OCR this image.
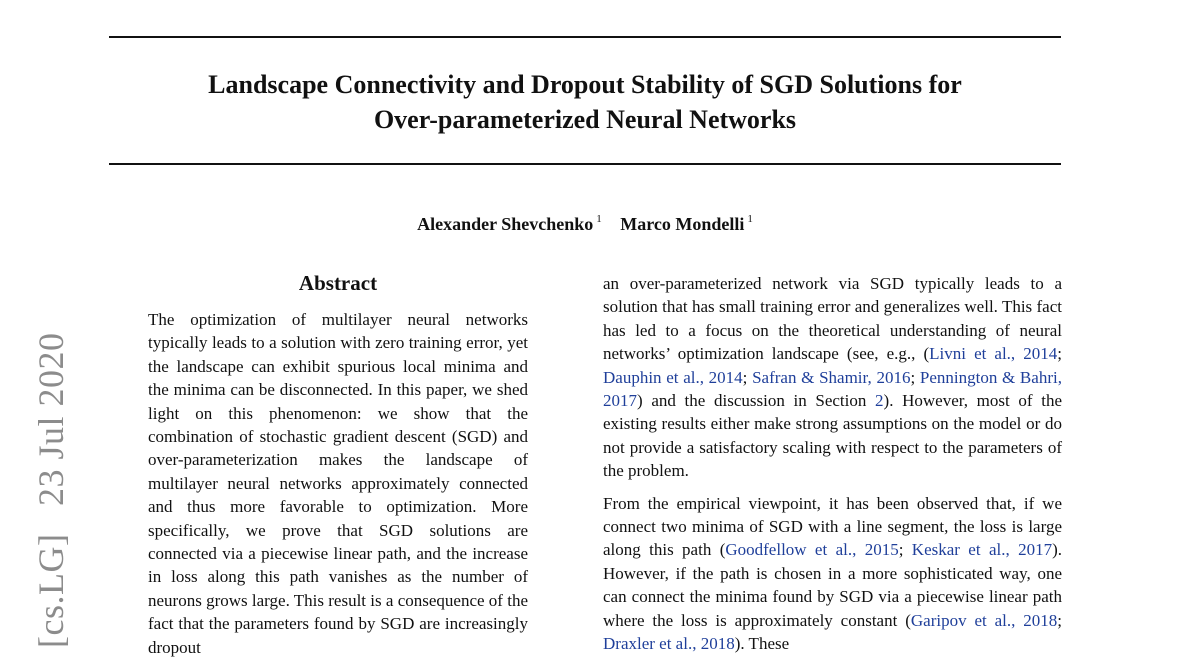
[cs.LG] 23 Jul 2020
Landscape Connectivity and Dropout Stability of SGD Solutions for
Over-parameterized Neural Networks
Alexander Shevchenko $^1$ Marco Mondelli $^1$
Abstract

The optimization of multilayer neural networks typically leads to a solution with zero training error, yet the landscape can exhibit spurious local minima and the minima can be disconnected. In this paper, we shed light on this phenomenon: we show that the combination of stochastic gradient descent (SGD) and over-parameterization makes the landscape of multilayer neural networks approximately connected and thus more favorable to optimization. More specifically, we prove that SGD solutions are connected via a piecewise linear path, and the increase in loss along this path vanishes as the number of neurons grows large. This result is a consequence of the fact that the parameters found by SGD are increasingly dropout

an over-parameterized network via SGD typically leads to a solution that has small training error and generalizes well. This fact has led to a focus on the theoretical understanding of neural networks’ optimization landscape (see, e.g., (Livni et al., 2014; Dauphin et al., 2014; Safran & Shamir, 2016; Pennington & Bahri, 2017) and the discussion in Section 2). However, most of the existing results either make strong assumptions on the model or do not provide a satisfactory scaling with respect to the parameters of the problem.

From the empirical viewpoint, it has been observed that, if we connect two minima of SGD with a line segment, the loss is large along this path (Goodfellow et al., 2015; Keskar et al., 2017). However, if the path is chosen in a more sophisticated way, one can connect the minima found by SGD via a piecewise linear path where the loss is approximately constant (Garipov et al., 2018; Draxler et al., 2018). These
